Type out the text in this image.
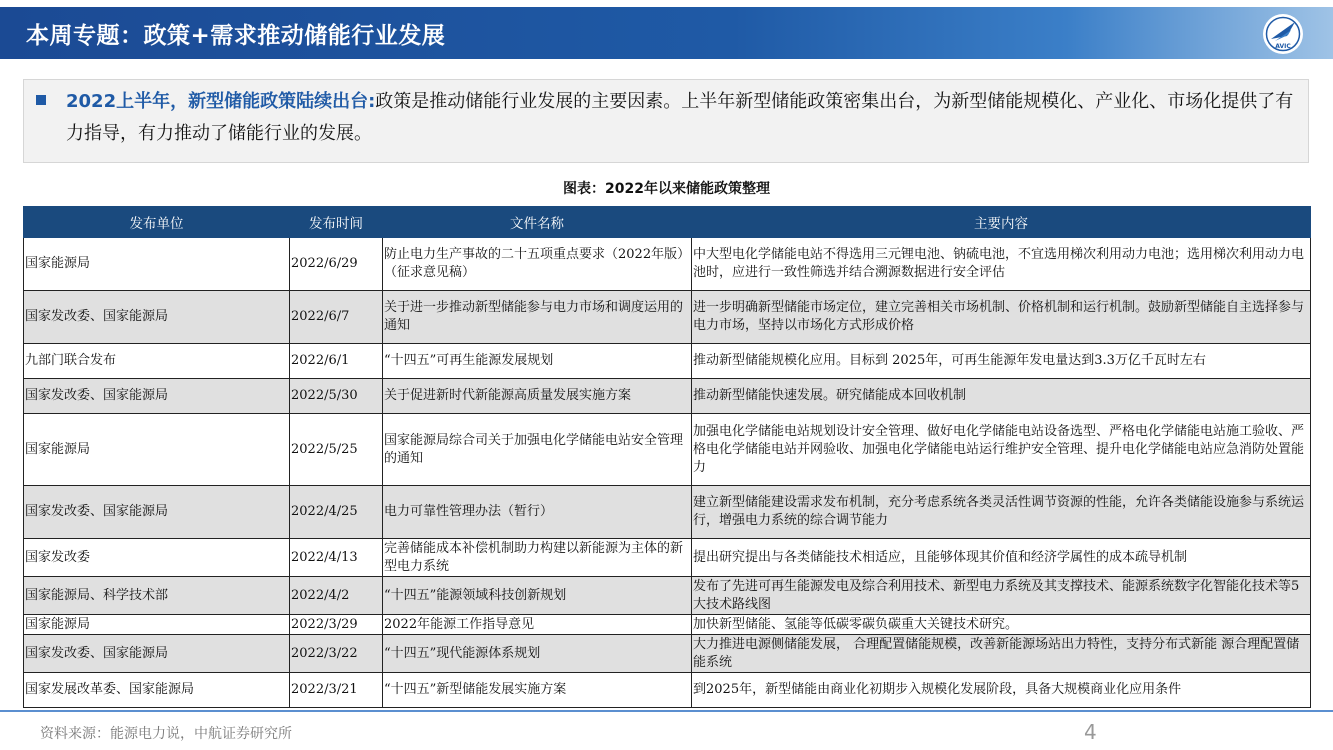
本周专题：政策+需求推动储能行业发展	AVIC
2022上半年，新型储能政策陆续出台:政策是推动储能行业发展的主要因素。上半年新型储能政策密集出台，为新型储能规模化、产业化、市场化提供了有力指导，有力推动了储能行业的发展。
图表：2022年以来储能政策整理
发布单位	发布时间	文件名称	主要内容
国家能源局	2022/6/29	防止电力生产事故的二十五项重点要求（2022年版）（征求意见稿）	中大型电化学储能电站不得选用三元锂电池、钠硫电池，不宜选用梯次利用动力电池；选用梯次利用动力电池时，应进行一致性筛选并结合溯源数据进行安全评估
国家发改委、国家能源局	2022/6/7	关于进一步推动新型储能参与电力市场和调度运用的通知	进一步明确新型储能市场定位，建立完善相关市场机制、价格机制和运行机制。鼓励新型储能自主选择参与电力市场，坚持以市场化方式形成价格
九部门联合发布	2022/6/1	“十四五”可再生能源发展规划	推动新型储能规模化应用。目标到 2025年，可再生能源年发电量达到3.3万亿千瓦时左右
国家发改委、国家能源局	2022/5/30	关于促进新时代新能源高质量发展实施方案	推动新型储能快速发展。研究储能成本回收机制
国家能源局	2022/5/25	国家能源局综合司关于加强电化学储能电站安全管理的通知	加强电化学储能电站规划设计安全管理、做好电化学储能电站设备选型、严格电化学储能电站施工验收、严格电化学储能电站并网验收、加强电化学储能电站运行维护安全管理、提升电化学储能电站应急消防处置能力
国家发改委、国家能源局	2022/4/25	电力可靠性管理办法（暂行）	建立新型储能建设需求发布机制，充分考虑系统各类灵活性调节资源的性能，允许各类储能设施参与系统运行，增强电力系统的综合调节能力
国家发改委	2022/4/13	完善储能成本补偿机制助力构建以新能源为主体的新型电力系统	提出研究提出与各类储能技术相适应，且能够体现其价值和经济学属性的成本疏导机制
国家能源局、科学技术部	2022/4/2	“十四五”能源领域科技创新规划	发布了先进可再生能源发电及综合利用技术、新型电力系统及其支撑技术、能源系统数字化智能化技术等5大技术路线图
国家能源局	2022/3/29	2022年能源工作指导意见	加快新型储能、氢能等低碳零碳负碳重大关键技术研究。
国家发改委、国家能源局	2022/3/22	“十四五”现代能源体系规划	大力推进电源侧储能发展， 合理配置储能规模，改善新能源场站出力特性，支持分布式新能 源合理配置储能系统
国家发展改革委、国家能源局	2022/3/21	“十四五”新型储能发展实施方案	到2025年，新型储能由商业化初期步入规模化发展阶段，具备大规模商业化应用条件
资料来源：能源电力说，中航证券研究所	4
